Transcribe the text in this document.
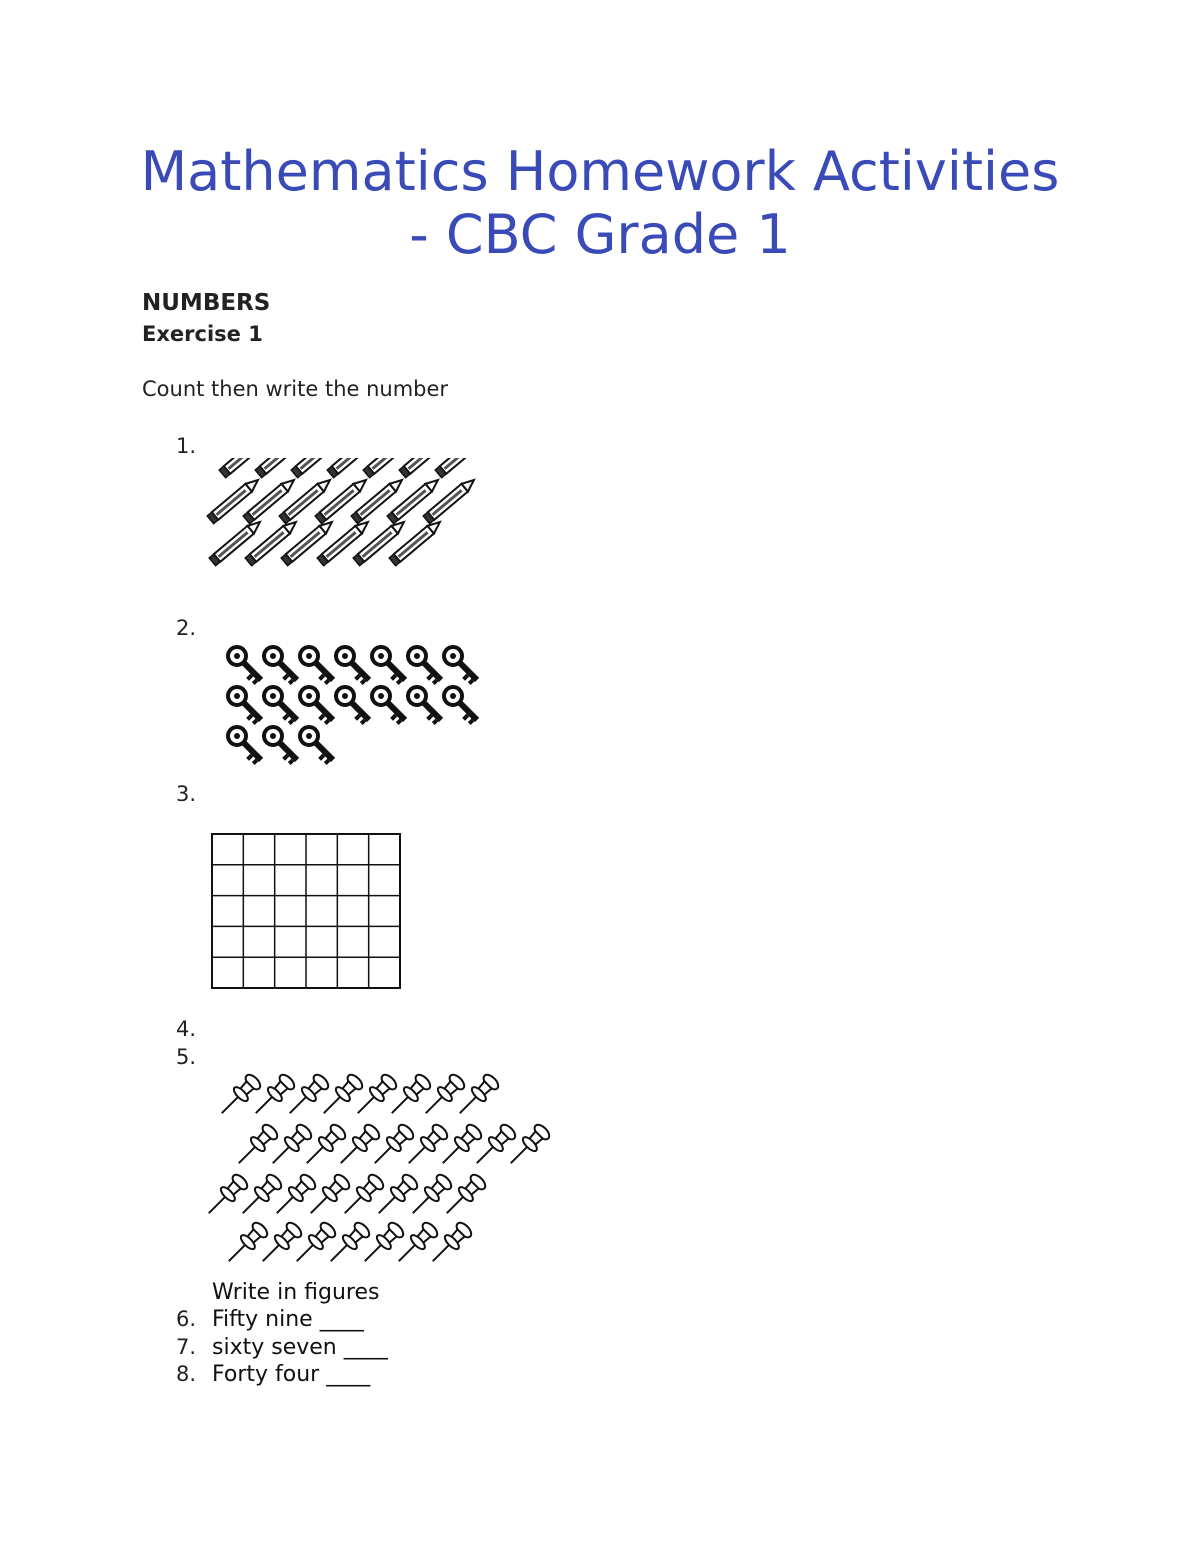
Mathematics Homework Activities
- CBC Grade 1
NUMBERS
Exercise 1
Count then write the number
1.
2.
3.
4.
5.
Write in figures
6. Fifty nine ____
7. sixty seven ____
8. Forty four ____
